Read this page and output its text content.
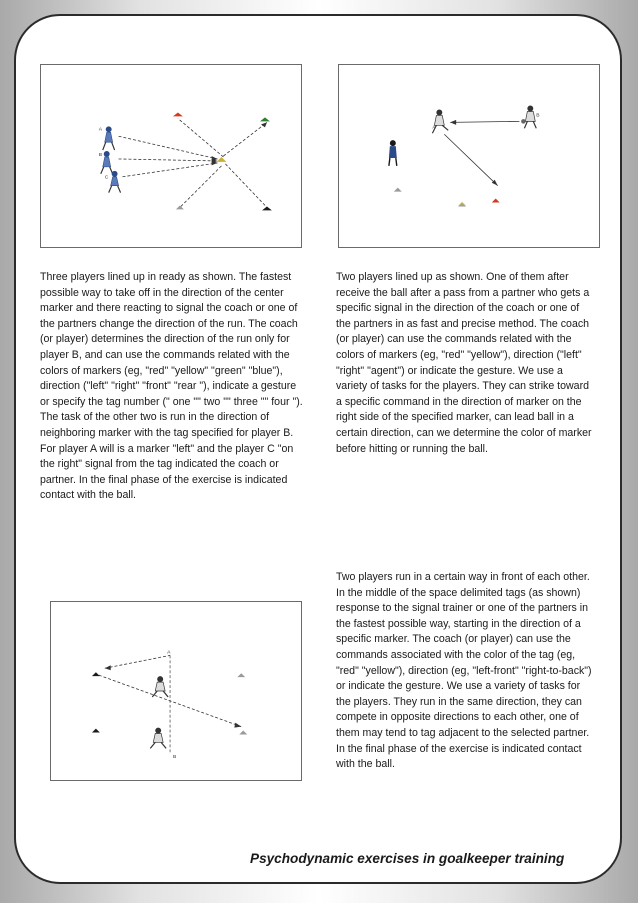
A
B
C
A
B
Three players lined up in ready as shown. The fastest possible way to take off in the direction of the center marker and there reacting to signal the coach or one of the partners change the direction of the run. The coach (or player) determines the direction of the run only for player B, and can use the commands related with the colors of markers (eg, "red" "yellow" "green" "blue"), direction ("left" "right" "front" "rear "), indicate a gesture or specify the tag number (" one "" two "" three "" four "). The task of the other two is run in the direction of neighboring marker with the tag specified for player B. For player A will is a marker "left" and the player C "on the right" signal from the tag indicated the coach or partner. In the final phase of the exercise is indicated contact with the ball.
Two players lined up as shown. One of them after receive the ball after a pass from a partner who gets a specific signal in the direction of the coach or one of the partners in as fast and precise method. The coach (or player) can use the commands related with the colors of markers (eg, "red" "yellow"), direction ("left" "right" "agent") or indicate the gesture. We use a variety of tasks for the players. They can strike toward a specific command in the direction of marker on the right side of the specified marker, can lead ball in a certain direction, can we determine the color of marker before hitting or running the ball.
A
B
Two players run in a certain way in front of each other. In the middle of the space delimited tags (as shown) response to the signal trainer or one of the partners in the fastest possible way, starting in the direction of a specific marker. The coach (or player) can use the commands associated with the color of the tag (eg, "red" "yellow"), direction (eg, "left-front" "right-to-back") or indicate the gesture. We use a variety of tasks for the players. They run in the same direction, they can compete in opposite directions to each other, one of them may tend to tag adjacent to the selected partner. In the final phase of the exercise is indicated contact with the ball.
Psychodynamic exercises in goalkeeper training
